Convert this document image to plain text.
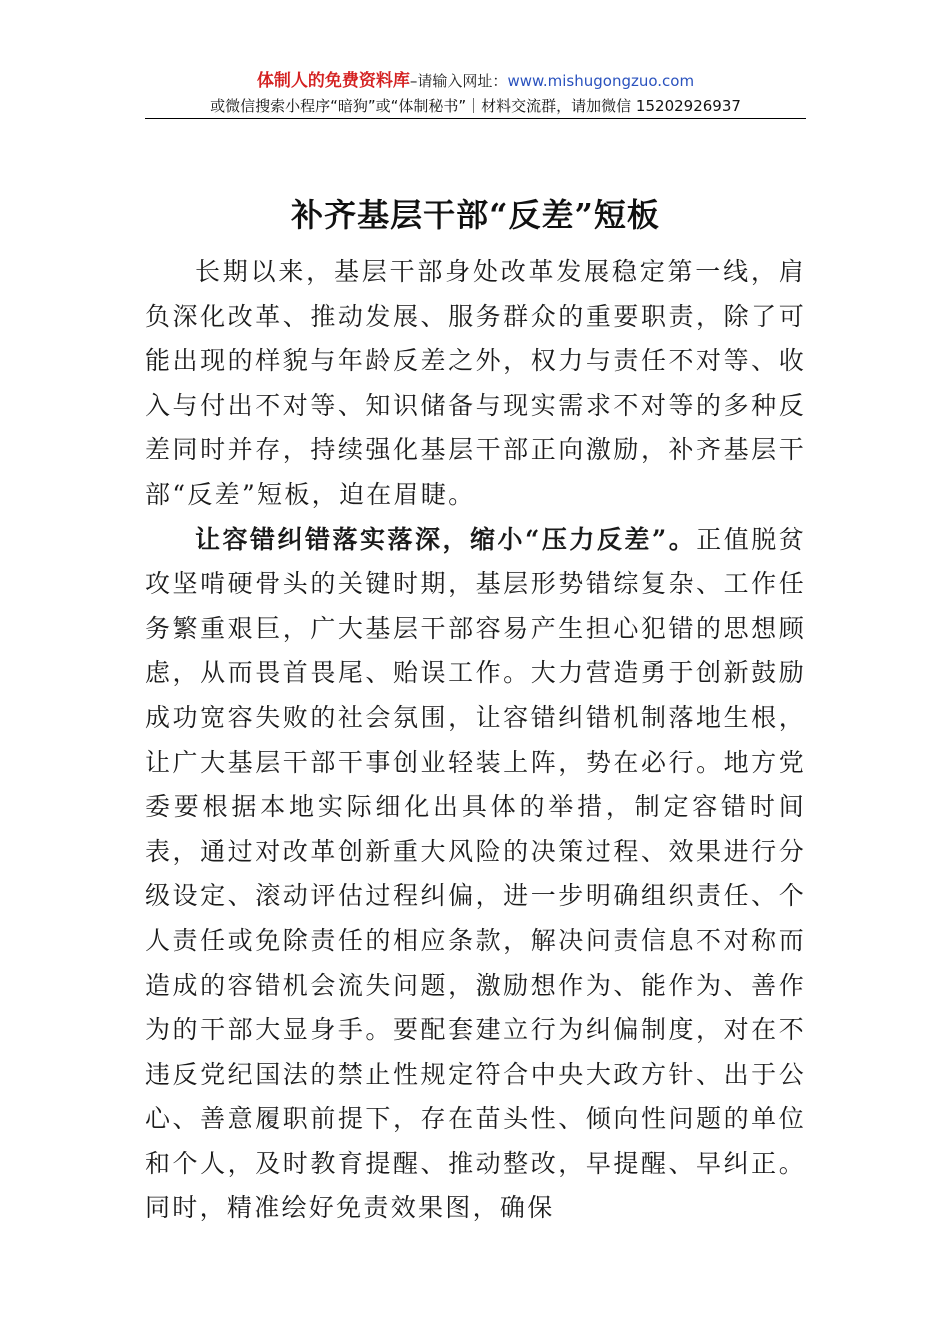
体制人的免费资料库–请输入网址：www.mishugongzuo.com
或微信搜索小程序“暗狗”或“体制秘书”｜材料交流群，请加微信 15202926937
补齐基层干部“反差”短板

长期以来，基层干部身处改革发展稳定第一线，肩负深化改革、推动发展、服务群众的重要职责，除了可能出现的样貌与年龄反差之外，权力与责任不对等、收入与付出不对等、知识储备与现实需求不对等的多种反差同时并存，持续强化基层干部正向激励，补齐基层干部“反差”短板，迫在眉睫。

让容错纠错落实落深，缩小“压力反差”。正值脱贫攻坚啃硬骨头的关键时期，基层形势错综复杂、工作任务繁重艰巨，广大基层干部容易产生担心犯错的思想顾虑，从而畏首畏尾、贻误工作。大力营造勇于创新鼓励成功宽容失败的社会氛围，让容错纠错机制落地生根，让广大基层干部干事创业轻装上阵，势在必行。地方党委要根据本地实际细化出具体的举措，制定容错时间表，通过对改革创新重大风险的决策过程、效果进行分级设定、滚动评估过程纠偏，进一步明确组织责任、个人责任或免除责任的相应条款，解决问责信息不对称而造成的容错机会流失问题，激励想作为、能作为、善作为的干部大显身手。要配套建立行为纠偏制度，对在不违反党纪国法的禁止性规定符合中央大政方针、出于公心、善意履职前提下，存在苗头性、倾向性问题的单位和个人，及时教育提醒、推动整改，早提醒、早纠正。同时，精准绘好免责效果图，确保
